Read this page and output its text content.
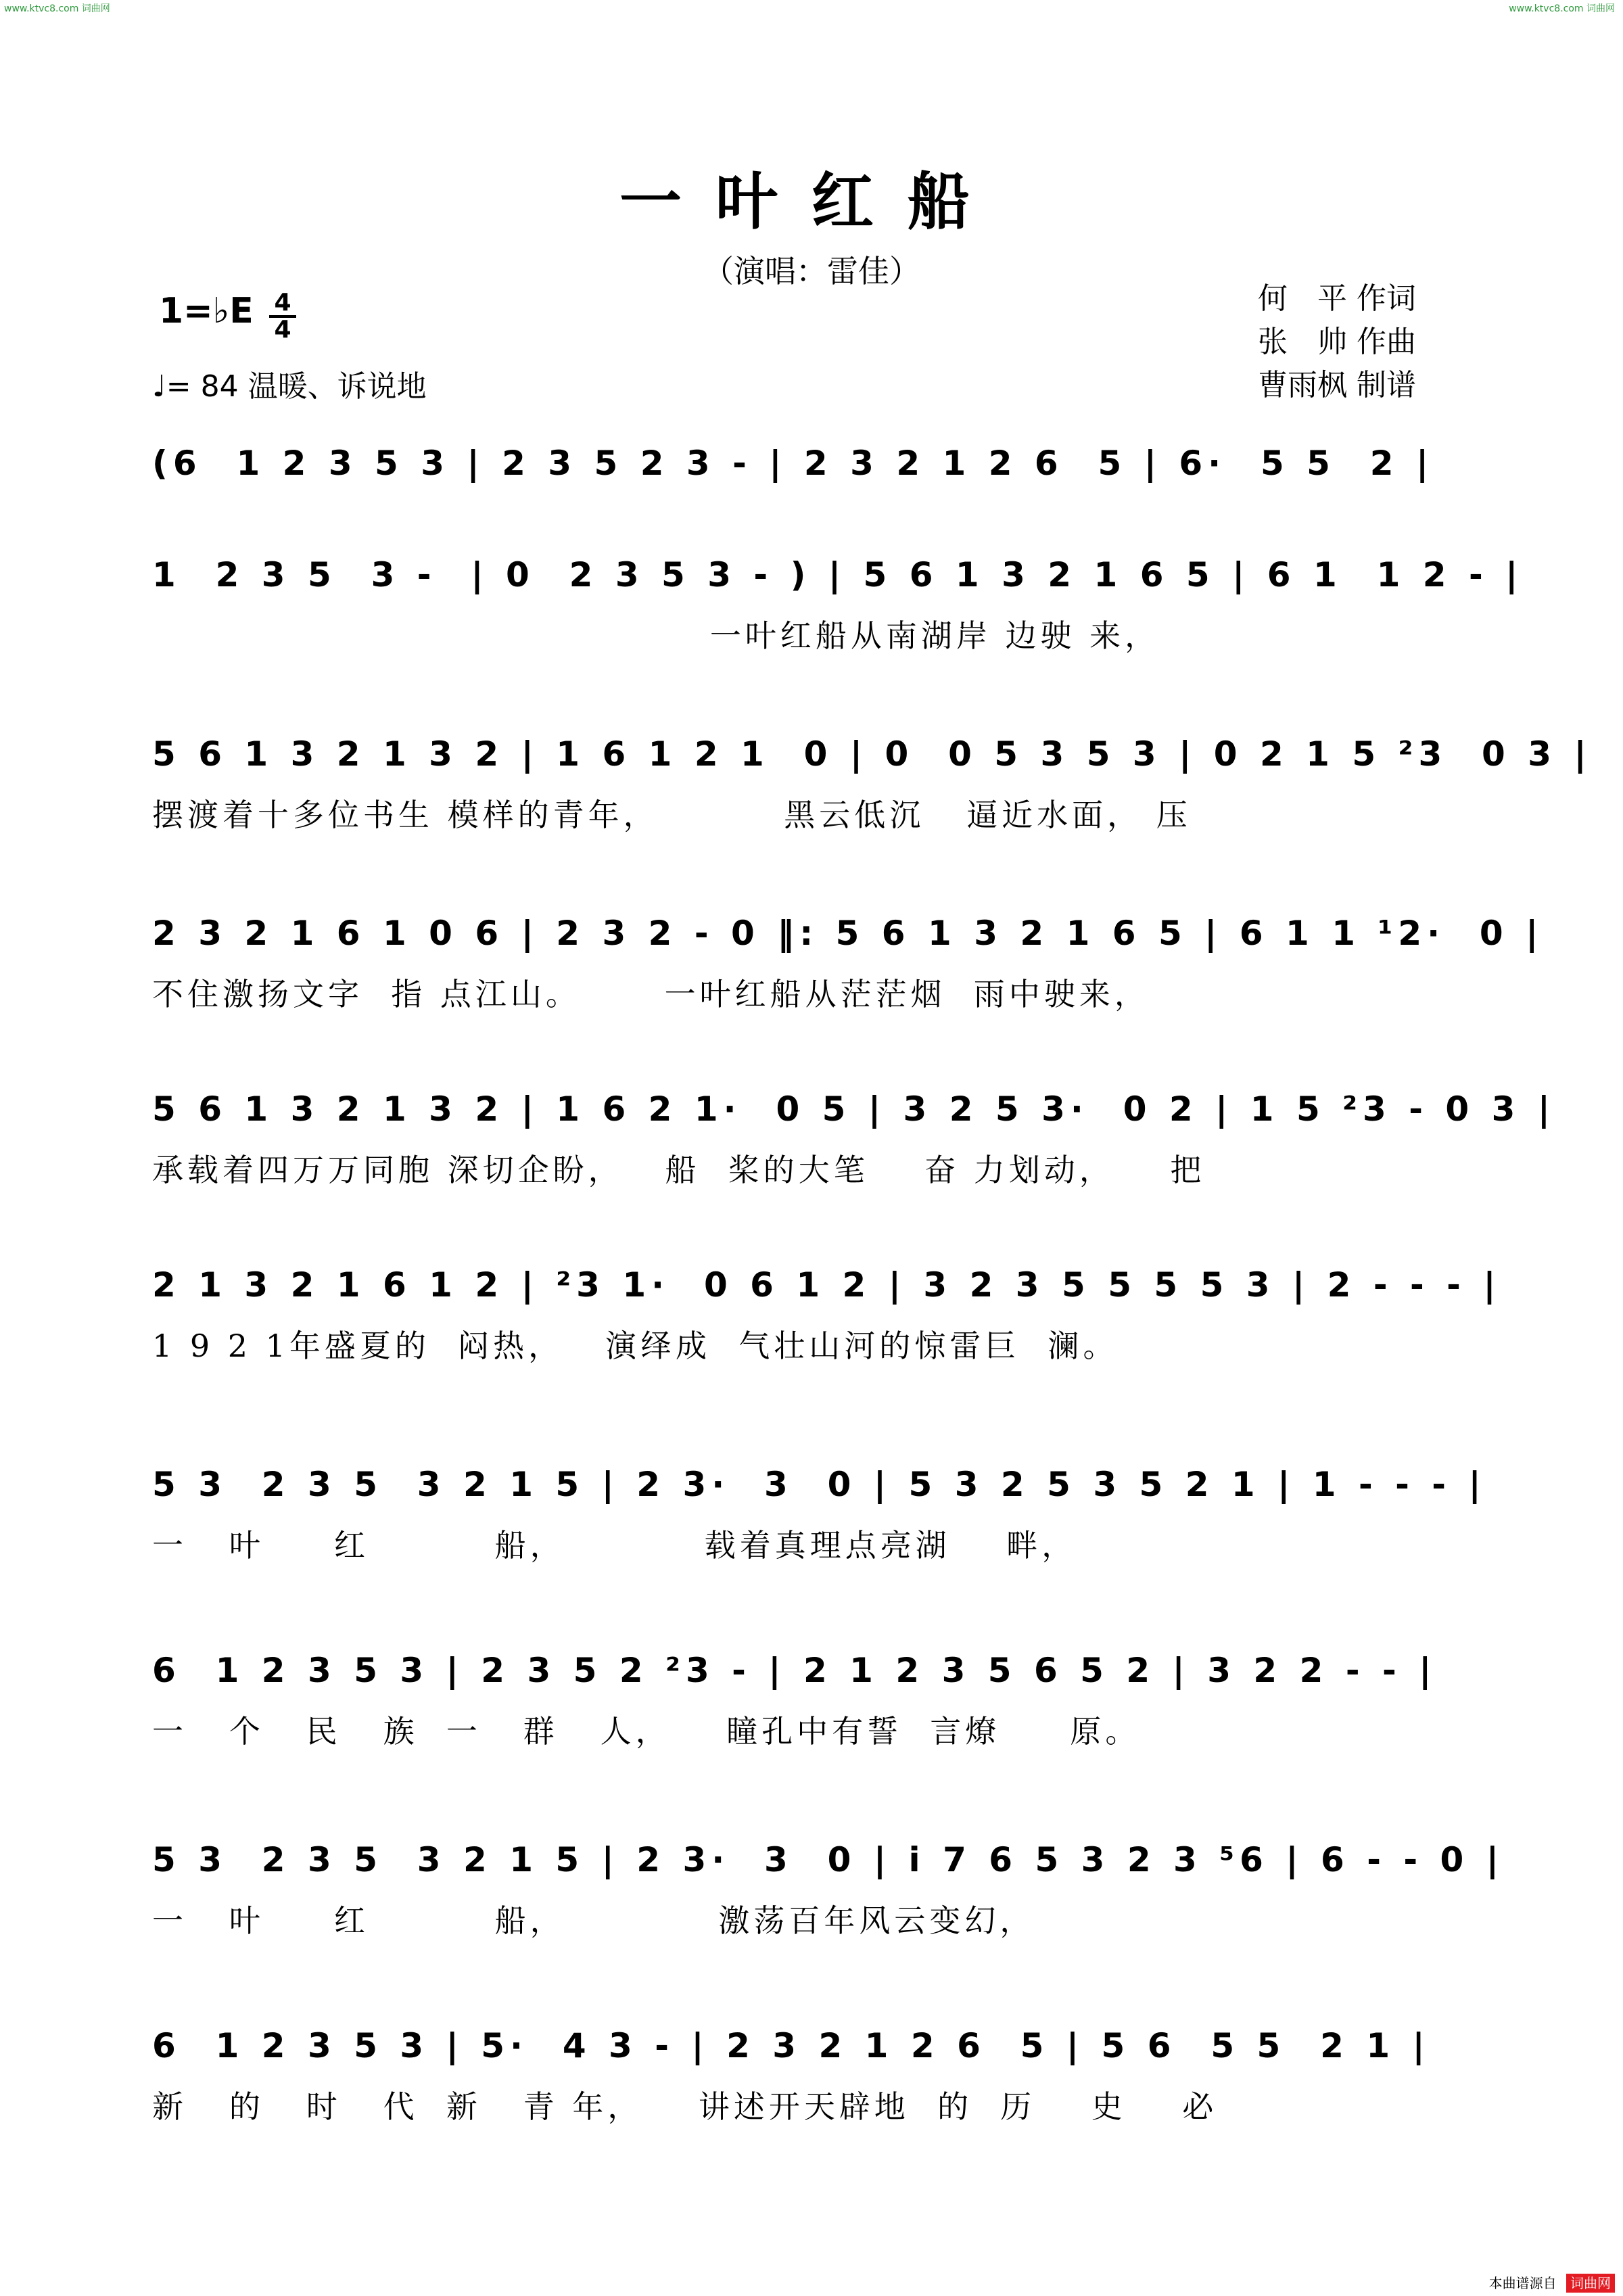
www.ktvc8.com 词曲网	www.ktvc8.com 词曲网
一叶红船
（演唱：雷佳）
何　平 作词
张　帅 作曲
曹雨枫 制谱
1=♭E 4
4
♩= 84 温暖、诉说地
(6  1 2 3 5 3 | 2 3 5 2 3 - | 2 3 2 1 2 6  5 | 6·  5 5  2 |
1  2 3 5  3 -  | 0  2 3 5 3 - ) | 5 6 1 3 2 1 6 5 | 6 1  1 2 - |
一叶红船从南湖岸 边驶 来，
5 6 1 3 2 1 3 2 | 1 6 1 2 1  0 | 0  0 5 3 5 3 | 0 2 1 5 ²3  0 3 |
摆渡着十多位书生 模样的青年，         黑云低沉   逼近水面， 压
2 3 2 1 6 1 0 6 | 2 3 2 - 0 ‖: 5 6 1 3 2 1 6 5 | 6 1 1 ¹2·  0 |
不住激扬文字  指 点江山。      一叶红船从茫茫烟  雨中驶来，
5 6 1 3 2 1 3 2 | 1 6 2 1·  0 5 | 3 2 5 3·  0 2 | 1 5 ²3 - 0 3 |
承载着四万万同胞 深切企盼，   船  桨的大笔    奋 力划动，    把
2 1 3 2 1 6 1 2 | ²3 1·  0 6 1 2 | 3 2 3 5 5 5 5 3 | 2 - - - |
1 9 2 1年盛夏的  闷热，   演绎成  气壮山河的惊雷巨  澜。
5 3  2 3 5  3 2 1 5 | 2 3·  3  0 | 5 3 2 5 3 5 2 1 | 1 - - - |
一   叶     红         船，          载着真理点亮湖    畔，
6  1 2 3 5 3 | 2 3 5 2 ²3 - | 2 1 2 3 5 6 5 2 | 3 2 2 - - |
一   个   民   族  一   群   人，    瞳孔中有誓  言燎     原。
5 3  2 3 5  3 2 1 5 | 2 3·  3  0 | i 7 6 5 3 2 3 ⁵6 | 6 - - 0 |
一   叶     红         船，           激荡百年风云变幻，
6  1 2 3 5 3 | 5·  4 3 - | 2 3 2 1 2 6  5 | 5 6  5 5  2 1 |
新   的   时   代  新   青 年，    讲述开天辟地  的  历    史    必
本曲谱源自 词曲网
